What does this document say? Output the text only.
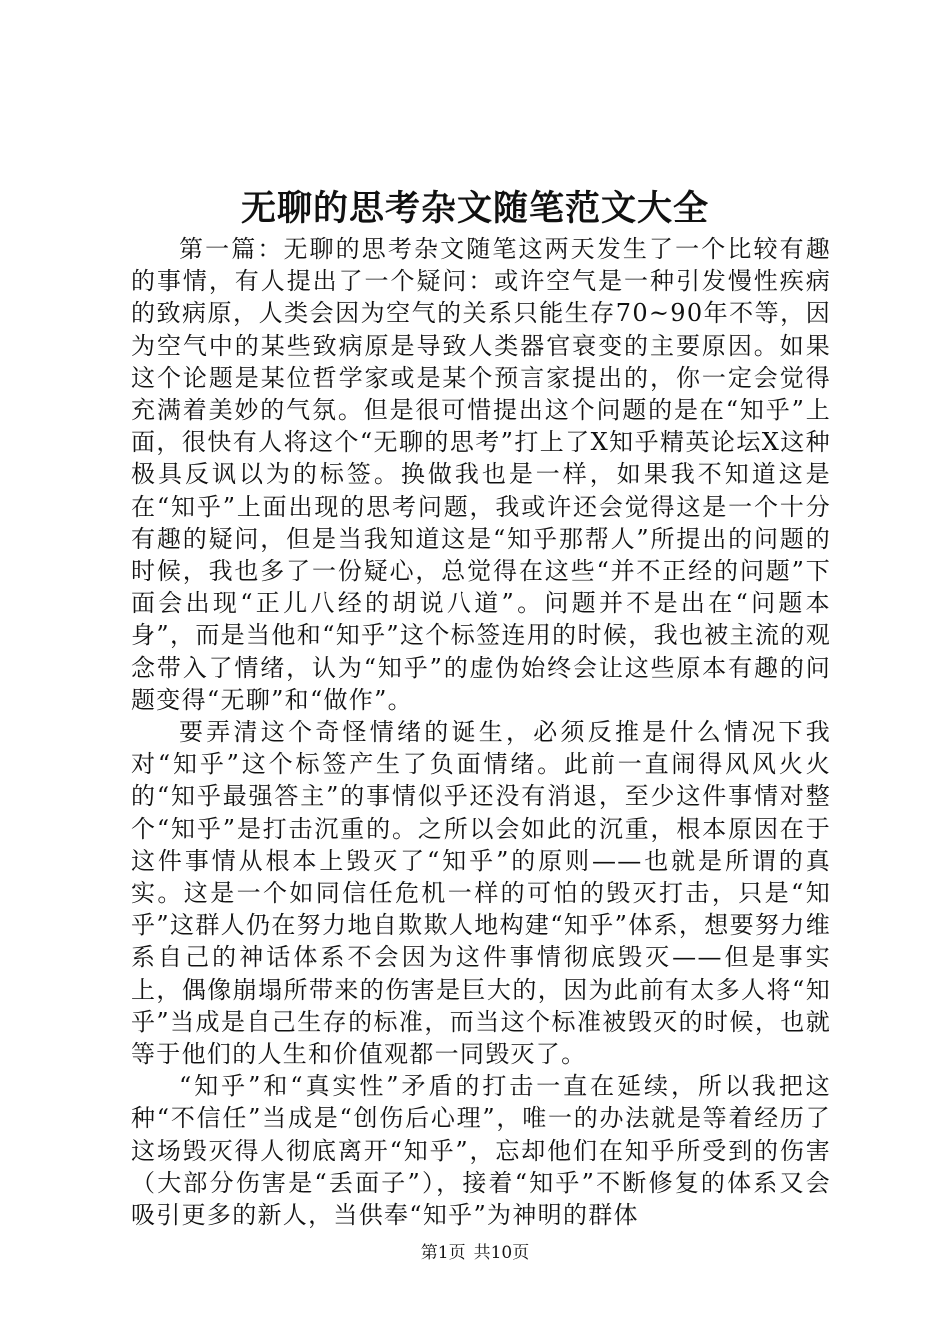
无聊的思考杂文随笔范文大全

第一篇：无聊的思考杂文随笔这两天发生了一个比较有趣的事情，有人提出了一个疑问：或许空气是一种引发慢性疾病的致病原，人类会因为空气的关系只能生存70~90年不等，因为空气中的某些致病原是导致人类器官衰变的主要原因。如果这个论题是某位哲学家或是某个预言家提出的，你一定会觉得充满着美妙的气氛。但是很可惜提出这个问题的是在“知乎”上面，很快有人将这个“无聊的思考”打上了X知乎精英论坛X这种极具反讽以为的标签。换做我也是一样，如果我不知道这是在“知乎”上面出现的思考问题，我或许还会觉得这是一个十分有趣的疑问，但是当我知道这是“知乎那帮人”所提出的问题的时候，我也多了一份疑心，总觉得在这些“并不正经的问题”下面会出现“正儿八经的胡说八道”。问题并不是出在“问题本身”，而是当他和“知乎”这个标签连用的时候，我也被主流的观念带入了情绪，认为“知乎”的虚伪始终会让这些原本有趣的问题变得“无聊”和“做作”。

要弄清这个奇怪情绪的诞生，必须反推是什么情况下我对“知乎”这个标签产生了负面情绪。此前一直闹得风风火火的“知乎最强答主”的事情似乎还没有消退，至少这件事情对整个“知乎”是打击沉重的。之所以会如此的沉重，根本原因在于这件事情从根本上毁灭了“知乎”的原则——也就是所谓的真实。这是一个如同信任危机一样的可怕的毁灭打击，只是“知乎”这群人仍在努力地自欺欺人地构建“知乎”体系，想要努力维系自己的神话体系不会因为这件事情彻底毁灭——但是事实上，偶像崩塌所带来的伤害是巨大的，因为此前有太多人将“知乎”当成是自己生存的标准，而当这个标准被毁灭的时候，也就等于他们的人生和价值观都一同毁灭了。

“知乎”和“真实性”矛盾的打击一直在延续，所以我把这种“不信任”当成是“创伤后心理”，唯一的办法就是等着经历了这场毁灭得人彻底离开“知乎”，忘却他们在知乎所受到的伤害（大部分伤害是“丢面子”），接着“知乎”不断修复的体系又会吸引更多的新人，当供奉“知乎”为神明的群体

第1页 共10页
